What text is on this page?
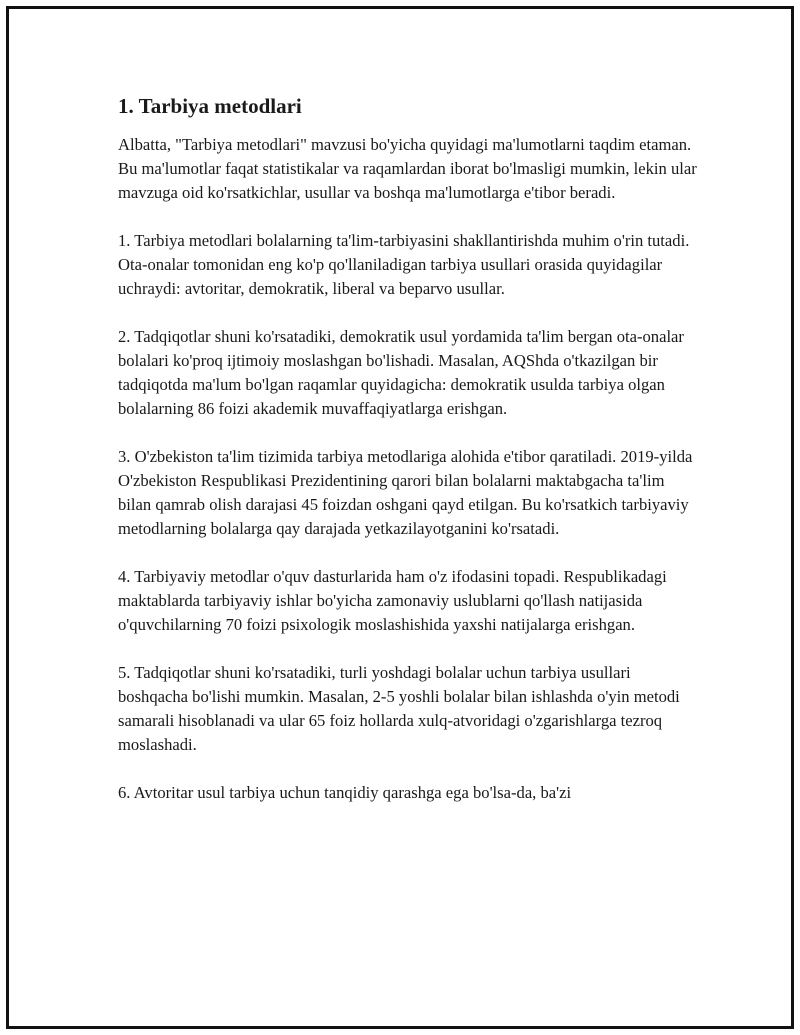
1. Tarbiya metodlari

Albatta, "Tarbiya metodlari" mavzusi bo'yicha quyidagi ma'lumotlarni taqdim etaman. Bu ma'lumotlar faqat statistikalar va raqamlardan iborat bo'lmasligi mumkin, lekin ular mavzuga oid ko'rsatkichlar, usullar va boshqa ma'lumotlarga e'tibor beradi.

1. Tarbiya metodlari bolalarning ta'lim-tarbiyasini shakllantirishda muhim o'rin tutadi. Ota-onalar tomonidan eng ko'p qo'llaniladigan tarbiya usullari orasida quyidagilar uchraydi: avtoritar, demokratik, liberal va beparvo usullar.

2. Tadqiqotlar shuni ko'rsatadiki, demokratik usul yordamida ta'lim bergan ota-onalar bolalari ko'proq ijtimoiy moslashgan bo'lishadi. Masalan, AQShda o'tkazilgan bir tadqiqotda ma'lum bo'lgan raqamlar quyidagicha: demokratik usulda tarbiya olgan bolalarning 86 foizi akademik muvaffaqiyatlarga erishgan.

3. O'zbekiston ta'lim tizimida tarbiya metodlariga alohida e'tibor qaratiladi. 2019-yilda O'zbekiston Respublikasi Prezidentining qarori bilan bolalarni maktabgacha ta'lim bilan qamrab olish darajasi 45 foizdan oshgani qayd etilgan. Bu ko'rsatkich tarbiyaviy metodlarning bolalarga qay darajada yetkazilayotganini ko'rsatadi.

4. Tarbiyaviy metodlar o'quv dasturlarida ham o'z ifodasini topadi. Respublikadagi maktablarda tarbiyaviy ishlar bo'yicha zamonaviy uslublarni qo'llash natijasida o'quvchilarning 70 foizi psixologik moslashishida yaxshi natijalarga erishgan.

5. Tadqiqotlar shuni ko'rsatadiki, turli yoshdagi bolalar uchun tarbiya usullari boshqacha bo'lishi mumkin. Masalan, 2-5 yoshli bolalar bilan ishlashda o'yin metodi samarali hisoblanadi va ular 65 foiz hollarda xulq-atvoridagi o'zgarishlarga tezroq moslashadi.

6. Avtoritar usul tarbiya uchun tanqidiy qarashga ega bo'lsa-da, ba'zi
